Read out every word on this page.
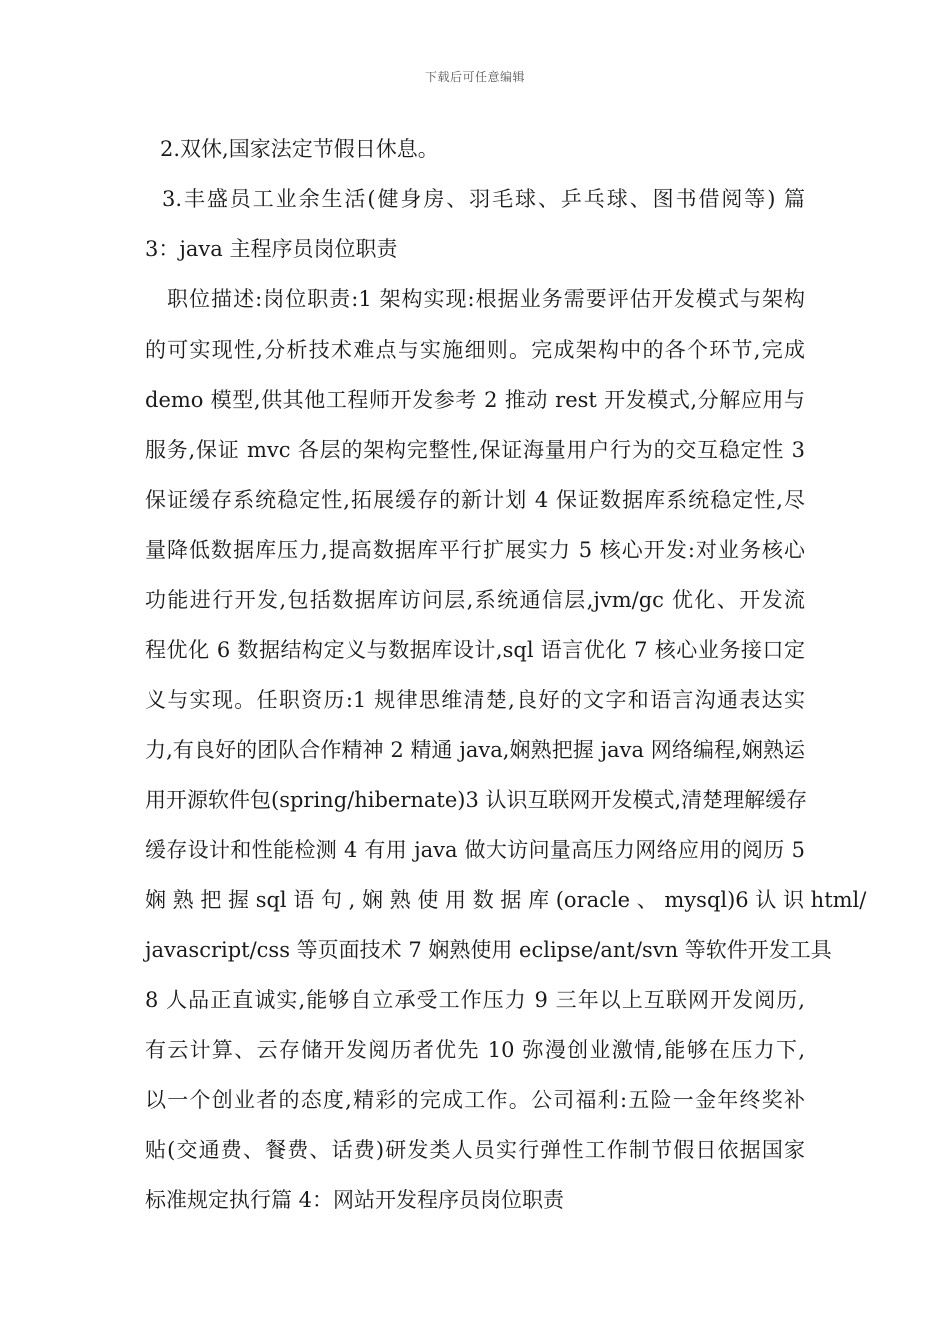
下载后可任意编辑
2.双休,国家法定节假日休息。
3.丰盛员工业余生活(健身房、羽毛球、乒乓球、图书借阅等) 篇
3：java 主程序员岗位职责
职位描述:岗位职责:1 架构实现:根据业务需要评估开发模式与架构
的可实现性,分析技术难点与实施细则。完成架构中的各个环节,完成
demo 模型,供其他工程师开发参考 2 推动 rest 开发模式,分解应用与
服务,保证 mvc 各层的架构完整性,保证海量用户行为的交互稳定性 3
保证缓存系统稳定性,拓展缓存的新计划 4 保证数据库系统稳定性,尽
量降低数据库压力,提高数据库平行扩展实力 5 核心开发:对业务核心
功能进行开发,包括数据库访问层,系统通信层,jvm/gc 优化、开发流
程优化 6 数据结构定义与数据库设计,sql 语言优化 7 核心业务接口定
义与实现。任职资历:1 规律思维清楚,良好的文字和语言沟通表达实
力,有良好的团队合作精神 2 精通 java,娴熟把握 java 网络编程,娴熟运
用开源软件包(spring/hibernate)3 认识互联网开发模式,清楚理解缓存
缓存设计和性能检测 4 有用 java 做大访问量高压力网络应用的阅历 5
娴 熟 把 握 sql 语 句 , 娴 熟 使 用 数 据 库 (oracle 、 mysql)6 认 识 html/
javascript/css 等页面技术 7 娴熟使用 eclipse/ant/svn 等软件开发工具
8 人品正直诚实,能够自立承受工作压力 9 三年以上互联网开发阅历,
有云计算、云存储开发阅历者优先 10 弥漫创业激情,能够在压力下,
以一个创业者的态度,精彩的完成工作。公司福利:五险一金年终奖补
贴(交通费、餐费、话费)研发类人员实行弹性工作制节假日依据国家
标准规定执行篇 4：网站开发程序员岗位职责
